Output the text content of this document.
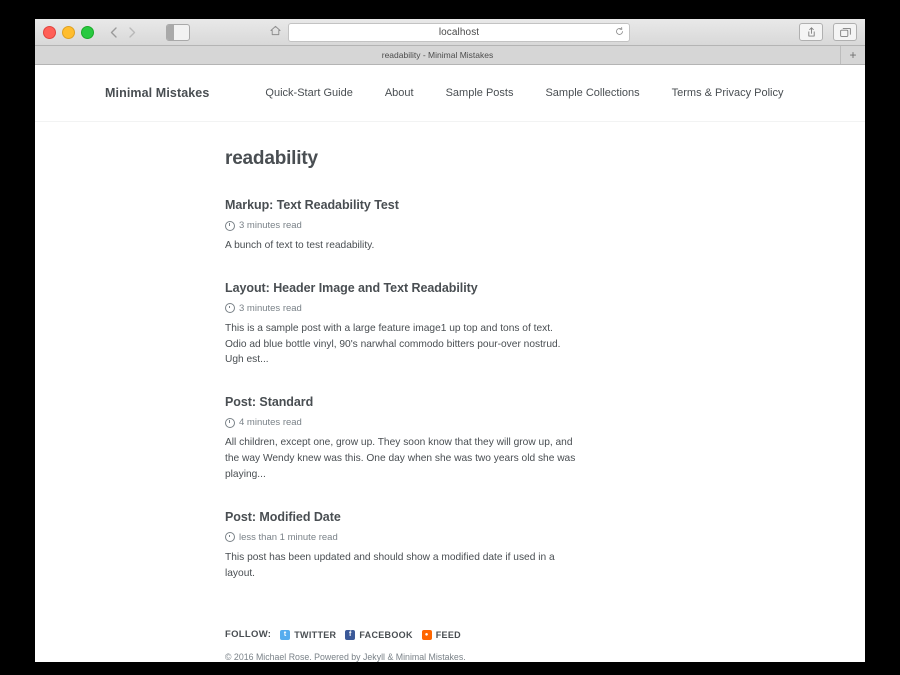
localhost
readability - Minimal Mistakes	+
Minimal Mistakes	Quick-Start Guide	About	Sample Posts	Sample Collections	Terms & Privacy Policy
readability
Markup: Text Readability Test
3 minutes read

A bunch of text to test readability.

Layout: Header Image and Text Readability
3 minutes read

This is a sample post with a large feature image1 up top and tons of text. Odio ad blue bottle vinyl, 90's narwhal commodo bitters pour-over nostrud. Ugh est...

Post: Standard
4 minutes read

All children, except one, grow up. They soon know that they will grow up, and the way Wendy knew was this. One day when she was two years old she was playing...

Post: Modified Date
less than 1 minute read

This post has been updated and should show a modified date if used in a layout.

FOLLOW:	t TWITTER	f FACEBOOK	● FEED
© 2016 Michael Rose. Powered by Jekyll & Minimal Mistakes.
